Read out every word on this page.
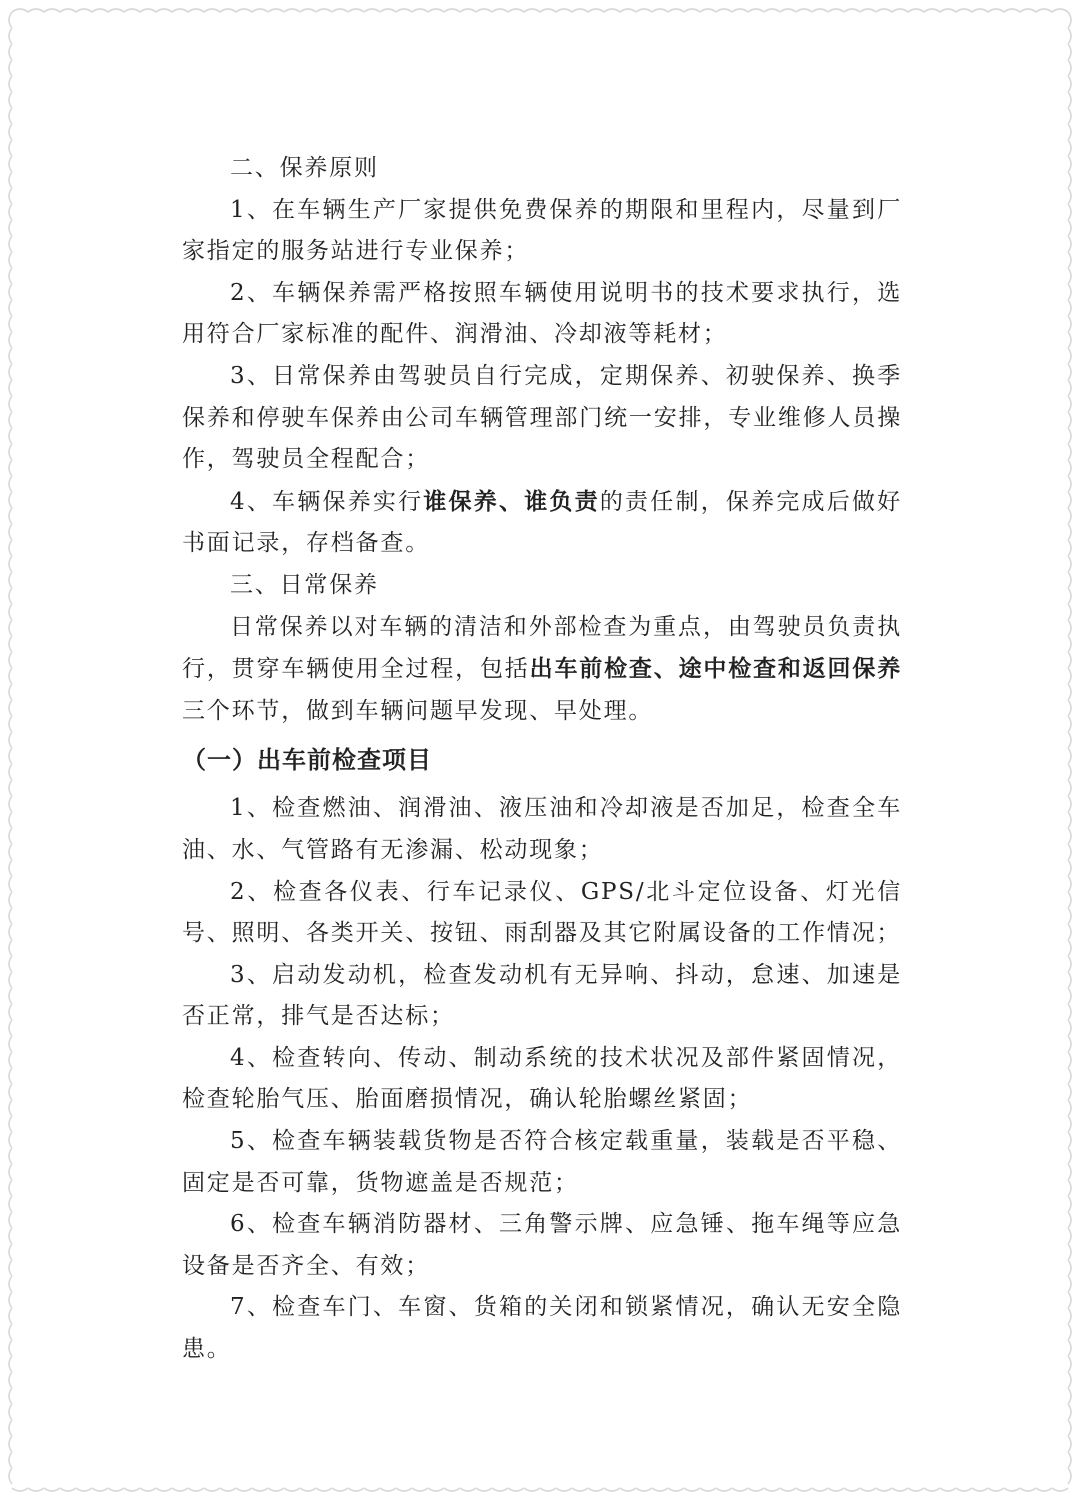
二、保养原则

1、在车辆生产厂家提供免费保养的期限和里程内，尽量到厂家指定的服务站进行专业保养；

2、车辆保养需严格按照车辆使用说明书的技术要求执行，选用符合厂家标准的配件、润滑油、冷却液等耗材；

3、日常保养由驾驶员自行完成，定期保养、初驶保养、换季保养和停驶车保养由公司车辆管理部门统一安排，专业维修人员操作，驾驶员全程配合；

4、车辆保养实行谁保养、谁负责的责任制，保养完成后做好书面记录，存档备查。

三、日常保养

日常保养以对车辆的清洁和外部检查为重点，由驾驶员负责执行，贯穿车辆使用全过程，包括出车前检查、途中检查和返回保养三个环节，做到车辆问题早发现、早处理。

（一）出车前检查项目

1、检查燃油、润滑油、液压油和冷却液是否加足，检查全车油、水、气管路有无渗漏、松动现象；

2、检查各仪表、行车记录仪、GPS/北斗定位设备、灯光信号、照明、各类开关、按钮、雨刮器及其它附属设备的工作情况；

3、启动发动机，检查发动机有无异响、抖动，怠速、加速是否正常，排气是否达标；

4、检查转向、传动、制动系统的技术状况及部件紧固情况，检查轮胎气压、胎面磨损情况，确认轮胎螺丝紧固；

5、检查车辆装载货物是否符合核定载重量，装载是否平稳、固定是否可靠，货物遮盖是否规范；

6、检查车辆消防器材、三角警示牌、应急锤、拖车绳等应急设备是否齐全、有效；

7、检查车门、车窗、货箱的关闭和锁紧情况，确认无安全隐患。
